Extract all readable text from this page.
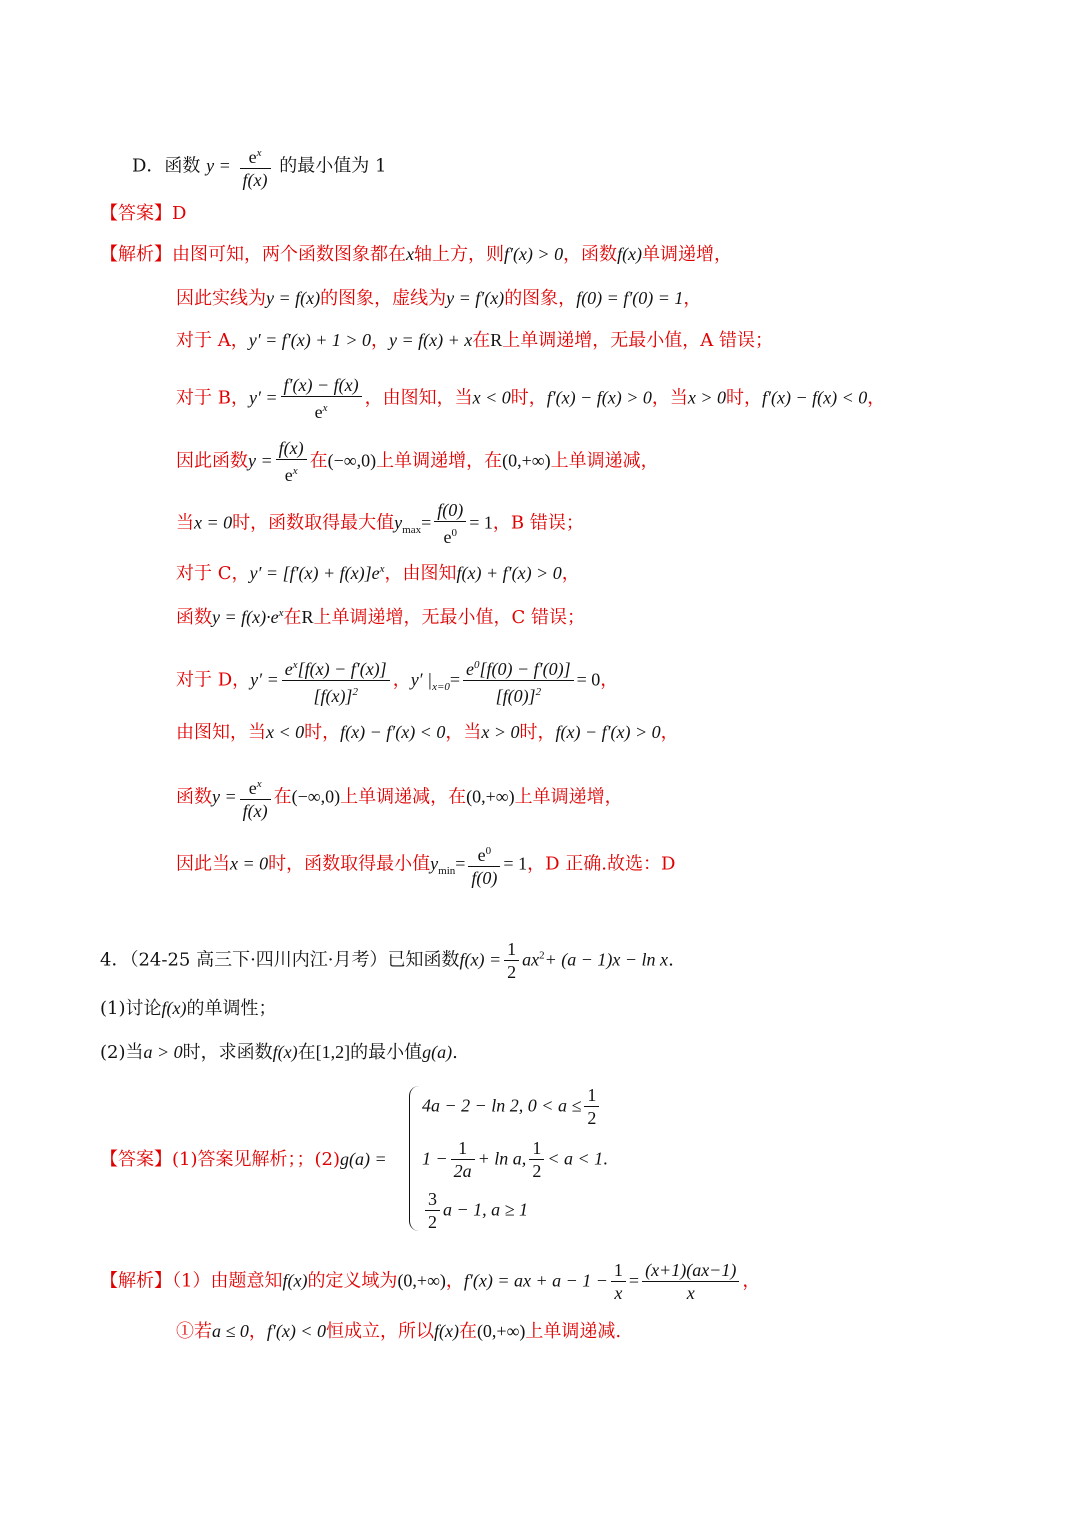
D．函数 $y = \frac{e^x}{f(x)}$ 的最小值为 1
【答案】D
【解析】由图可知，两个函数图象都在x轴上方，则f′(x) > 0，函数f(x)单调递增，
因此实线为y = f(x)的图象，虚线为y = f′(x)的图象，f(0) = f′(0) = 1，
对于 A，y′ = f′(x) + 1 > 0，y = f(x) + x在R上单调递增，无最小值，A 错误；
对于 B，$y' = \frac{f'(x) - f(x)}{e^x}$ ，由图知，当x < 0时，f′(x) − f(x) > 0，当x > 0时，f′(x) − f(x) < 0，
因此函数$y = \frac{f(x)}{e^x}$ 在(−∞,0)上单调递增，在(0,+∞)上单调递减，
当x = 0时，函数取得最大值$y_{max}= \frac{f(0)}{e^0} = 1$，B 错误；
对于 C，$y' = [f'(x) + f(x)]e^x$，由图知f(x) + f′(x) > 0，
函数$y = f(x)\cdot e^x$在R上单调递增，无最小值，C 错误；
对于 D，$y' = \frac{e^x[f(x) - f'(x)]}{[f(x)]^2}$ ，y′ $|_{x=0}= \frac{e^0[f(0) - f'(0)]}{[f(0)]^2} = 0$，
由图知，当x < 0时，f(x) − f′(x) < 0，当x > 0时，f(x) − f′(x) > 0，
函数$y = \frac{e^x}{f(x)}$ 在(−∞,0)上单调递减，在(0,+∞)上单调递增，
因此当x = 0时，函数取得最小值$y_{min}= \frac{e^0}{f(0)} = 1$，D 正确.故选：D
4．（24-25 高三下·四川内江·月考）已知函数$f(x) = \frac{1}{2} ax^2+ (a - 1)x - \ln x$.
(1)讨论f(x)的单调性；
(2)当a > 0时，求函数f(x)在[1,2]的最小值g(a).
【答案】(1)答案见解析；；(2)g(a) =
4a − 2 − ln 2, $0 < a \le \frac{1}{2}$
$1 - \frac{1}{2a} + \ln a$, $\frac{1}{2} < a < 1$.
$\frac{3}{2}$ a − 1, a ≥ 1
【解析】（1）由题意知f(x)的定义域为(0,+∞)，f′(x) = ax + $a - 1 - \frac{1}{x} = \frac{(x+1)(ax-1)}{x}$ ，
①若a ≤ 0，f′(x) < 0恒成立，所以f(x)在(0,+∞)上单调递减.
